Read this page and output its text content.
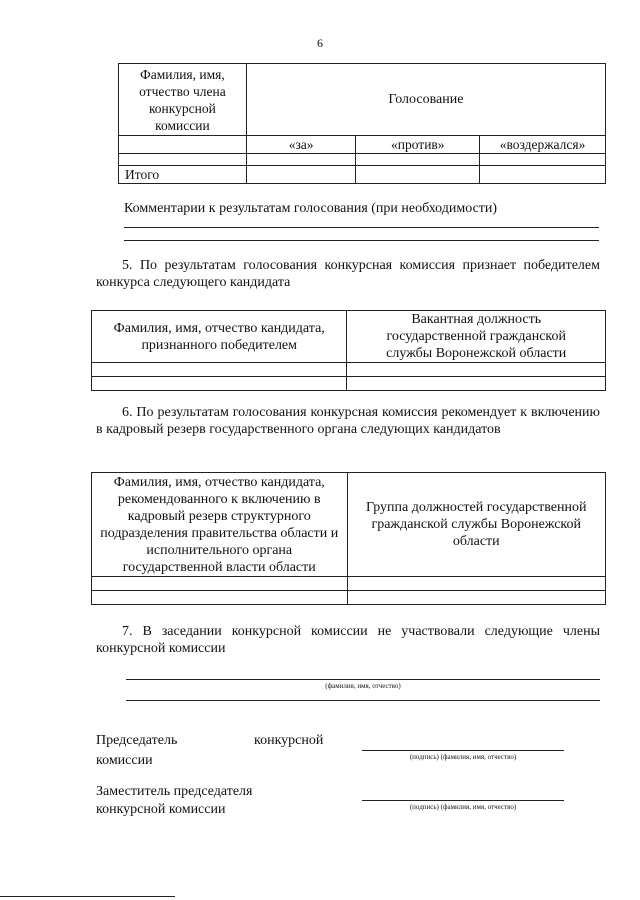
6
Фамилия, имя, отчество члена конкурсной комиссии	Голосование		
	«за»	«против»	«воздержался»

Итого			
Комментарии к результатам голосования (при необходимости)
5. По результатам голосования конкурсная комиссия признает победителем конкурса следующего кандидата
Фамилия, имя, отчество кандидата, признанного победителем	Вакантная должность государственной гражданской службы Воронежской области

6. По результатам голосования конкурсная комиссия рекомендует к включению в кадровый резерв государственного органа следующих кандидатов
Фамилия, имя, отчество кандидата, рекомендованного к включению в кадровый резерв структурного подразделения правительства области и исполнительного органа государственной власти области	Группа должностей государственной гражданской службы Воронежской области

7. В заседании конкурсной комиссии не участвовали следующие члены конкурсной комиссии
(фамилия, имя, отчество)
Председатель	конкурсной
комиссии	(подпись) (фамилия, имя, отчество)
Заместитель председателя
конкурсной комиссии	(подпись) (фамилия, имя, отчество)
